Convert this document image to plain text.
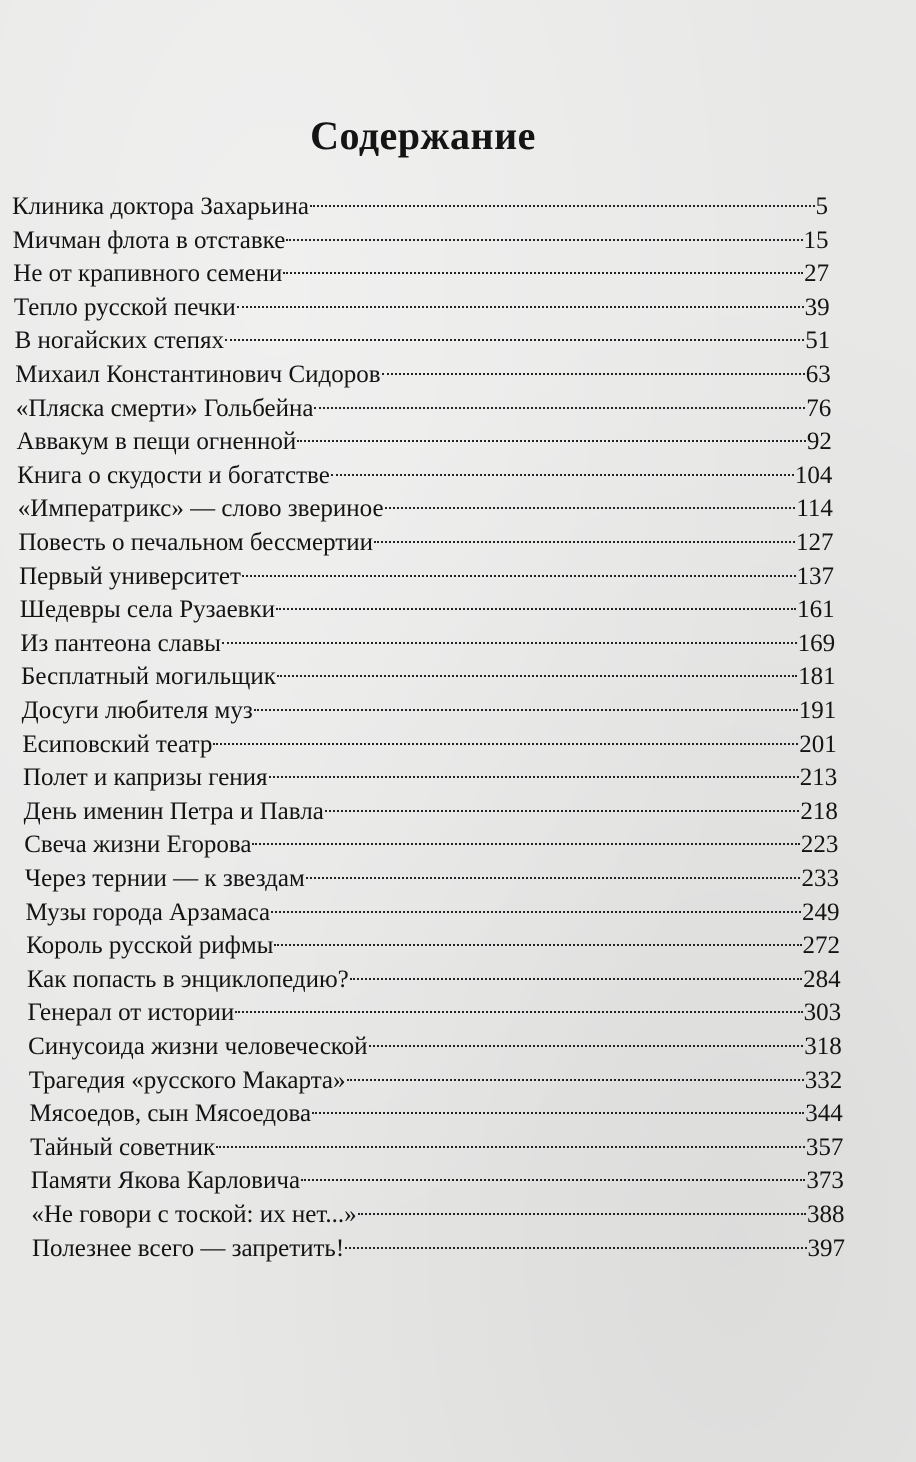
Содержание
Клиника доктора Захарьина	5
Мичман флота в отставке	15
Не от крапивного семени	27
Тепло русской печки	39
В ногайских степях	51
Михаил Константинович Сидоров	63
«Пляска смерти» Гольбейна	76
Аввакум в пещи огненной	92
Книга о скудости и богатстве	104
«Императрикс» — слово звериное	114
Повесть о печальном бессмертии	127
Первый университет	137
Шедевры села Рузаевки	161
Из пантеона славы	169
Бесплатный могильщик	181
Досуги любителя муз	191
Есиповский театр	201
Полет и капризы гения	213
День именин Петра и Павла	218
Свеча жизни Егорова	223
Через тернии — к звездам	233
Музы города Арзамаса	249
Король русской рифмы	272
Как попасть в энциклопедию?	284
Генерал от истории	303
Синусоида жизни человеческой	318
Трагедия «русского Макарта»	332
Мясоедов, сын Мясоедова	344
Тайный советник	357
Памяти Якова Карловича	373
«Не говори с тоской: их нет...»	388
Полезнее всего — запретить!	397
